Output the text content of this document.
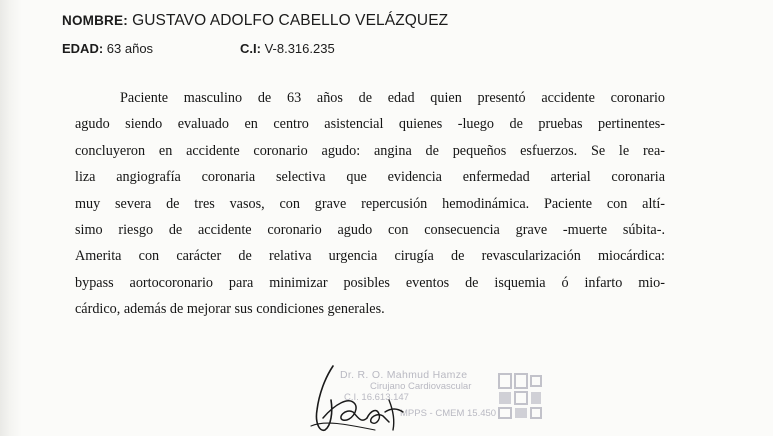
NOMBRE: GUSTAVO ADOLFO CABELLO VELÁZQUEZ
EDAD: 63 años	C.I: V-8.316.235
Paciente masculino de 63 años de edad quien presentó accidente coronario
agudo siendo evaluado en centro asistencial quienes -luego de pruebas pertinentes-
concluyeron en accidente coronario agudo: angina de pequeños esfuerzos. Se le rea-
liza angiografía coronaria selectiva que evidencia enfermedad arterial coronaria
muy severa de tres vasos, con grave repercusión hemodinámica. Paciente con altí-
simo riesgo de accidente coronario agudo con consecuencia grave -muerte súbita-.
Amerita con carácter de relativa urgencia cirugía de revascularización miocárdica:
bypass aortocoronario para minimizar posibles eventos de isquemia ó infarto mio-
cárdico, además de mejorar sus condiciones generales.
Dr. R. O. Mahmud Hamze
Cirujano Cardiovascular
C.I. 16.613.147
MPPS - CMEM 15.450
